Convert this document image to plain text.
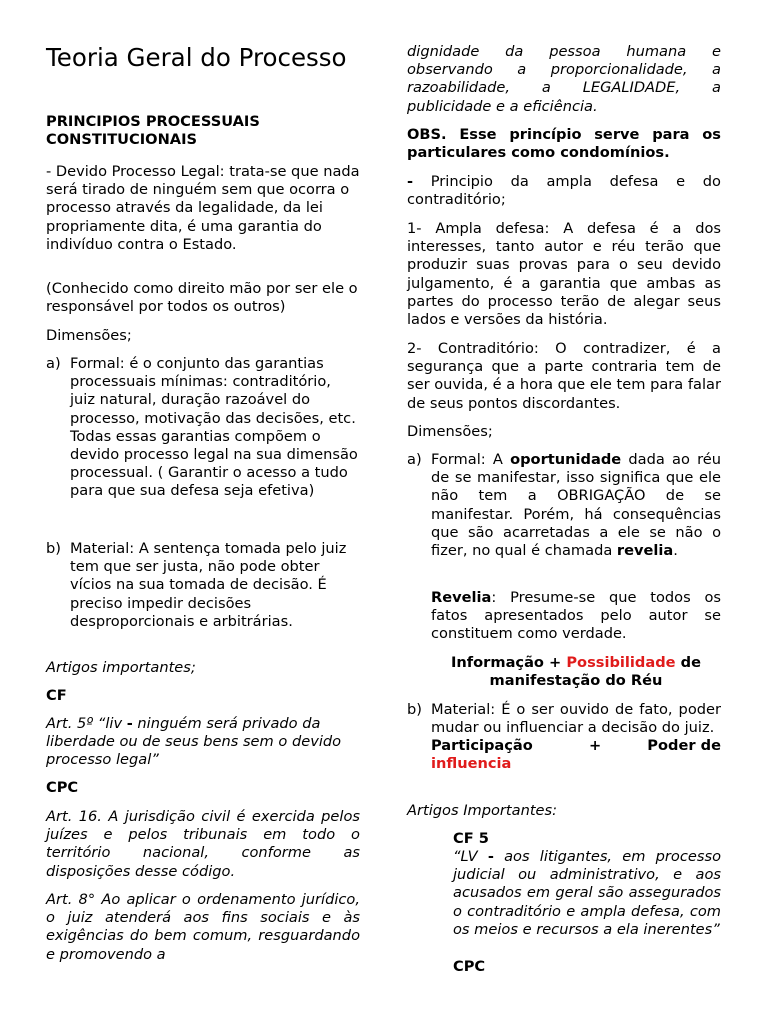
Teoria Geral do Processo

PRINCIPIOS PROCESSUAIS CONSTITUCIONAIS

- Devido Processo Legal: trata-se que nada será tirado de ninguém sem que ocorra o processo através da legalidade, da lei propriamente dita, é uma garantia do indivíduo contra o Estado.

(Conhecido como direito mão por ser ele o responsável por todos os outros)

Dimensões;

a) Formal: é o conjunto das garantias processuais mínimas: contraditório, juiz natural, duração razoável do processo, motivação das decisões, etc. Todas essas garantias compõem o devido processo legal na sua dimensão processual. ( Garantir o acesso a tudo para que sua defesa seja efetiva)

b) Material: A sentença tomada pelo juiz tem que ser justa, não pode obter vícios na sua tomada de decisão. É preciso impedir decisões desproporcionais e arbitrárias.

Artigos importantes;

CF

Art. 5º “liv - ninguém será privado da liberdade ou de seus bens sem o devido processo legal”

CPC

Art. 16. A jurisdição civil é exercida pelos juízes e pelos tribunais em todo o território nacional, conforme as disposições desse código.

Art. 8° Ao aplicar o ordenamento jurídico, o juiz atenderá aos fins sociais e às exigências do bem comum, resguardando e promovendo a

dignidade da pessoa humana e observando a proporcionalidade, a razoabilidade, a LEGALIDADE, a publicidade e a eficiência.

OBS. Esse princípio serve para os particulares como condomínios.

- Principio da ampla defesa e do contraditório;

1- Ampla defesa: A defesa é a dos interesses, tanto autor e réu terão que produzir suas provas para o seu devido julgamento, é a garantia que ambas as partes do processo terão de alegar seus lados e versões da história.

2- Contraditório: O contradizer, é a segurança que a parte contraria tem de ser ouvida, é a hora que ele tem para falar de seus pontos discordantes.

Dimensões;

a) Formal: A oportunidade dada ao réu de se manifestar, isso significa que ele não tem a OBRIGAÇÃO de se manifestar. Porém, há consequências que são acarretadas a ele se não o fizer, no qual é chamada revelia.

Revelia: Presume-se que todos os fatos apresentados pelo autor se constituem como verdade.

Informação + Possibilidade de manifestação do Réu

b) Material: É o ser ouvido de fato, poder mudar ou influenciar a decisão do juiz.

Participação	+	Poder de

influencia

Artigos Importantes:

CF 5

“LV - aos litigantes, em processo judicial ou administrativo, e aos acusados em geral são assegurados o contraditório e ampla defesa, com os meios e recursos a ela inerentes”

CPC
